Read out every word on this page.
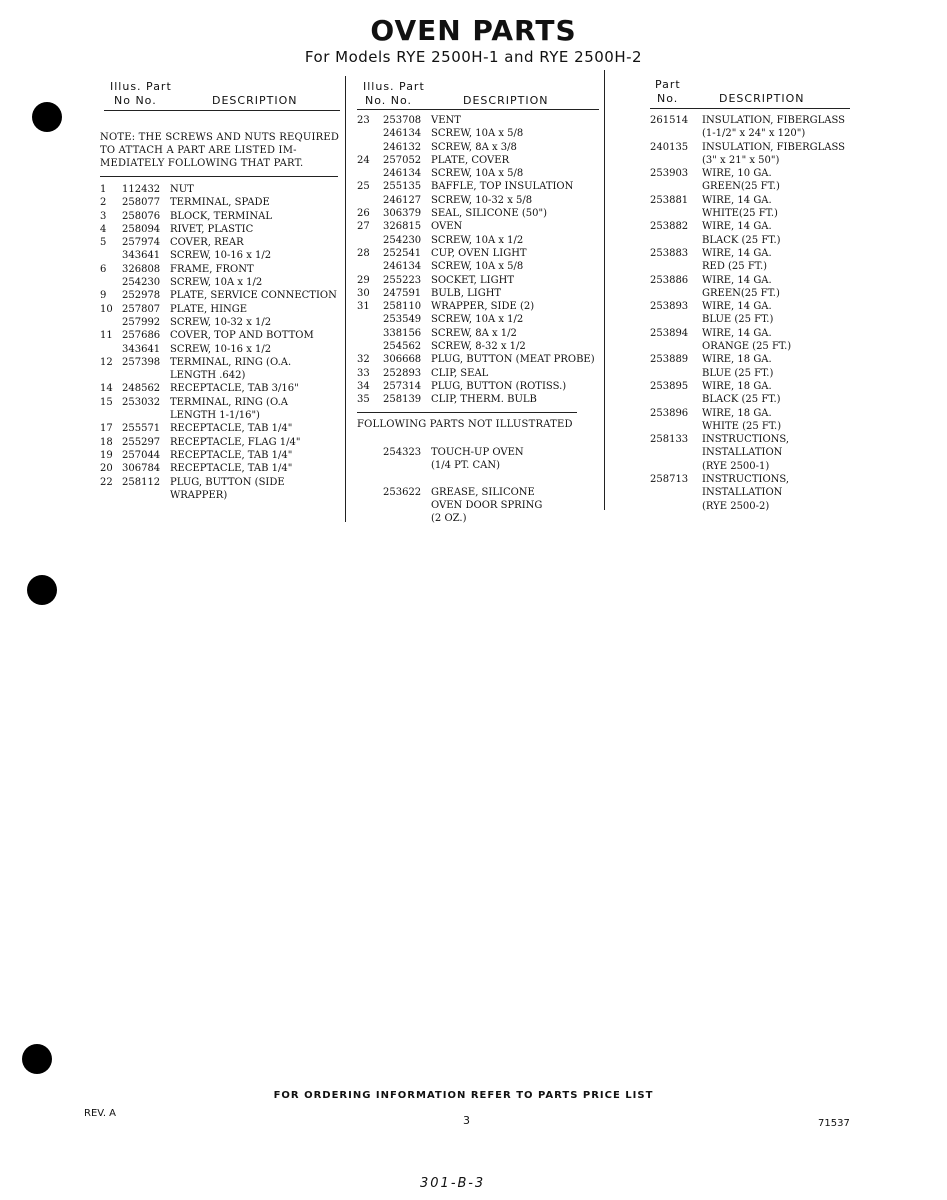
OVEN PARTS
For Models RYE 2500H-1 and RYE 2500H-2
Illus. Part
No No.	DESCRIPTION
NOTE: THE SCREWS AND NUTS REQUIRED
TO ATTACH A PART ARE LISTED IM-
MEDIATELY FOLLOWING THAT PART.
1 112432 NUT
2 258077 TERMINAL, SPADE
3 258076 BLOCK, TERMINAL
4 258094 RIVET, PLASTIC
5 257974 COVER, REAR
343641 SCREW, 10-16 x 1/2
6 326808 FRAME, FRONT
254230 SCREW, 10A x 1/2
9 252978 PLATE, SERVICE CONNECTION
10 257807 PLATE, HINGE
257992 SCREW, 10-32 x 1/2
11 257686 COVER, TOP AND BOTTOM
343641 SCREW, 10-16 x 1/2
12 257398 TERMINAL, RING (O.A.
LENGTH .642)
14 248562 RECEPTACLE, TAB 3/16"
15 253032 TERMINAL, RING (O.A
LENGTH 1-1/16")
17 255571 RECEPTACLE, TAB 1/4"
18 255297 RECEPTACLE, FLAG 1/4"
19 257044 RECEPTACLE, TAB 1/4"
20 306784 RECEPTACLE, TAB 1/4"
22 258112 PLUG, BUTTON (SIDE
WRAPPER)
Illus. Part
No. No.	DESCRIPTION
23 253708 VENT
246134 SCREW, 10A x 5/8
246132 SCREW, 8A x 3/8
24 257052 PLATE, COVER
246134 SCREW, 10A x 5/8
25 255135 BAFFLE, TOP INSULATION
246127 SCREW, 10-32 x 5/8
26 306379 SEAL, SILICONE (50")
27 326815 OVEN
254230 SCREW, 10A x 1/2
28 252541 CUP, OVEN LIGHT
246134 SCREW, 10A x 5/8
29 255223 SOCKET, LIGHT
30 247591 BULB, LIGHT
31 258110 WRAPPER, SIDE (2)
253549 SCREW, 10A x 1/2
338156 SCREW, 8A x 1/2
254562 SCREW, 8-32 x 1/2
32 306668 PLUG, BUTTON (MEAT PROBE)
33 252893 CLIP, SEAL
34 257314 PLUG, BUTTON (ROTISS.)
35 258139 CLIP, THERM. BULB
FOLLOWING PARTS NOT ILLUSTRATED
254323 TOUCH-UP OVEN
(1/4 PT. CAN)
253622 GREASE, SILICONE
OVEN DOOR SPRING
(2 OZ.)
Part
No.	DESCRIPTION
261514 INSULATION, FIBERGLASS
(1-1/2" x 24" x 120")
240135 INSULATION, FIBERGLASS
(3" x 21" x 50")
253903 WIRE, 10 GA.
GREEN(25 FT.)
253881 WIRE, 14 GA.
WHITE(25 FT.)
253882 WIRE, 14 GA.
BLACK (25 FT.)
253883 WIRE, 14 GA.
RED (25 FT.)
253886 WIRE, 14 GA.
GREEN(25 FT.)
253893 WIRE, 14 GA.
BLUE (25 FT.)
253894 WIRE, 14 GA.
ORANGE (25 FT.)
253889 WIRE, 18 GA.
BLUE (25 FT.)
253895 WIRE, 18 GA.
BLACK (25 FT.)
253896 WIRE, 18 GA.
WHITE (25 FT.)
258133 INSTRUCTIONS,
INSTALLATION
(RYE 2500-1)
258713 INSTRUCTIONS,
INSTALLATION
(RYE 2500-2)
FOR ORDERING INFORMATION REFER TO PARTS PRICE LIST
REV. A
3	71537
301-B-3
